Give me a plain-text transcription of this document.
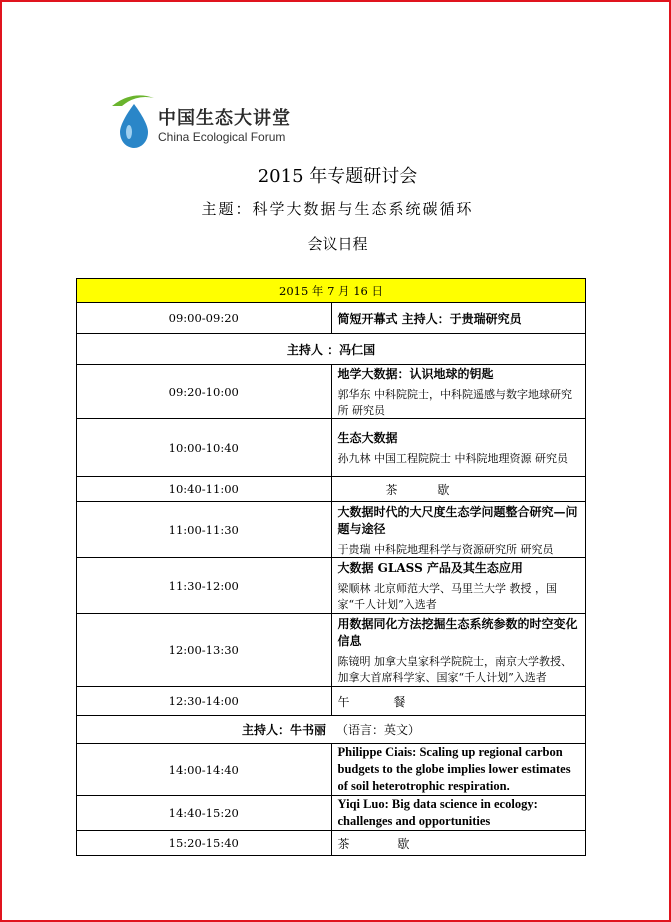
中国生态大讲堂
China Ecological Forum
2015 年专题研讨会
主题：科学大数据与生态系统碳循环
会议日程
2015 年 7 月 16 日	
09:00-09:20	简短开幕式 主持人：于贵瑞研究员

主持人 ：冯仁国	
09:20-10:00	地学大数据：认识地球的钥匙
郭华东 中科院院士，中科院遥感与数字地球研究所 研究员

10:00-10:40	生态大数据
孙九林 中国工程院院士 中科院地理资源 研究员

10:40-11:00	茶 歇

11:00-11:30	大数据时代的大尺度生态学问题整合研究—问题与途径
于贵瑞 中科院地理科学与资源研究所 研究员

11:30-12:00	大数据 GLASS 产品及其生态应用
梁顺林 北京师范大学、马里兰大学 教授 ，国家“千人计划”入选者

12:00-13:30	用数据同化方法挖掘生态系统参数的时空变化信息
陈镜明 加拿大皇家科学院院士，南京大学教授、加拿大首席科学家、国家“千人计划”入选者

12:30-14:00	午 餐

主持人：牛书丽 （语言：英文）	
14:00-14:40	Philippe Ciais: Scaling up regional carbon budgets to the globe implies lower estimates of soil heterotrophic respiration.

14:40-15:20	Yiqi Luo: Big data science in ecology: challenges and opportunities

15:20-15:40	茶 歇
